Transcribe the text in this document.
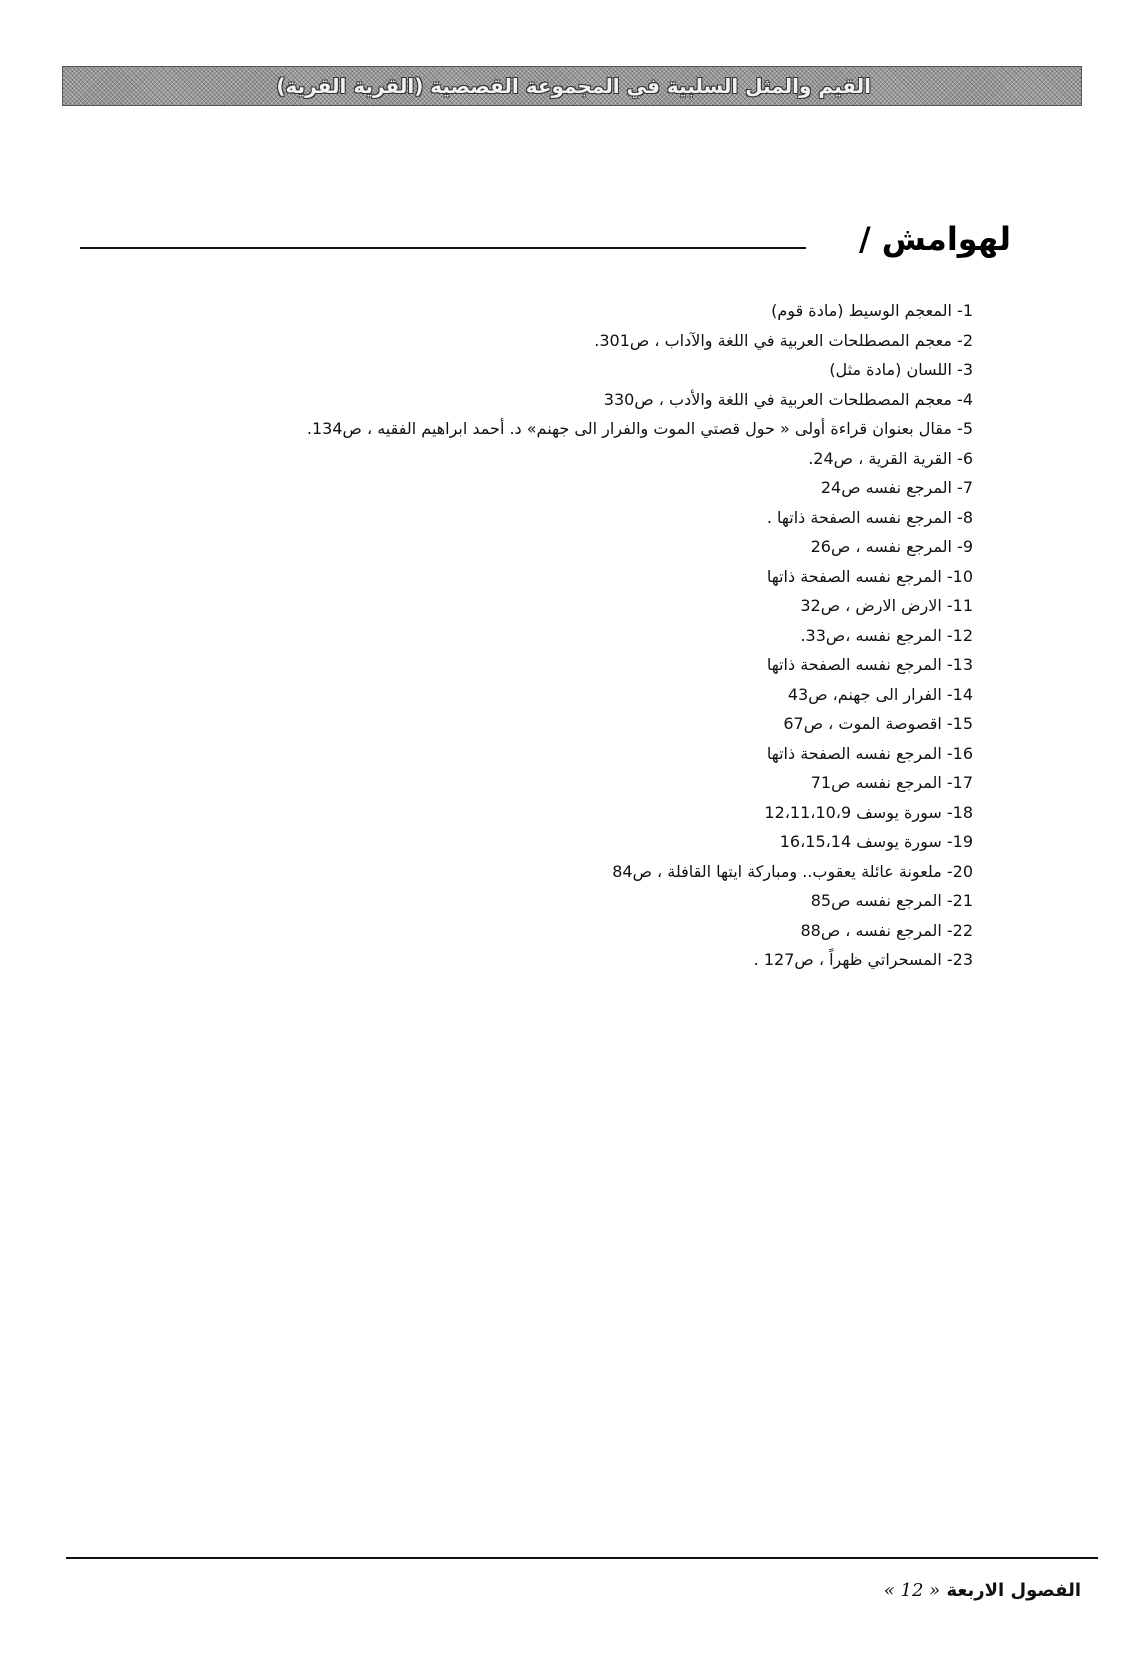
القيم والمثل السلبية في المجموعة القصصية (القرية القرية)
لهوامش /
1- المعجم الوسيط (مادة قوم)
2- معجم المصطلحات العربية في اللغة والآداب ، ص301.
3- اللسان (مادة مثل)
4- معجم المصطلحات العربية في اللغة والأدب ، ص330
5- مقال بعنوان قراءة أولى « حول قصتي الموت والفرار الى جهنم» د. أحمد ابراهيم الفقيه ، ص134.
6- القرية القرية ، ص24.
7- المرجع نفسه ص24
8- المرجع نفسه الصفحة ذاتها .
9- المرجع نفسه ، ص26
10- المرجع نفسه الصفحة ذاتها
11- الارض الارض ، ص32
12- المرجع نفسه ،ص33.
13- المرجع نفسه الصفحة ذاتها
14- الفرار الى جهنم، ص43
15- اقصوصة الموت ، ص67
16- المرجع نفسه الصفحة ذاتها
17- المرجع نفسه ص71
18- سورة يوسف 12،11،10،9
19- سورة يوسف 16،15،14
20- ملعونة عائلة يعقوب.. ومباركة ايتها القافلة ، ص84
21- المرجع نفسه ص85
22- المرجع نفسه ، ص88
23- المسحراتي ظهراً ، ص127 .
الفصول الاربعة « 12 »
